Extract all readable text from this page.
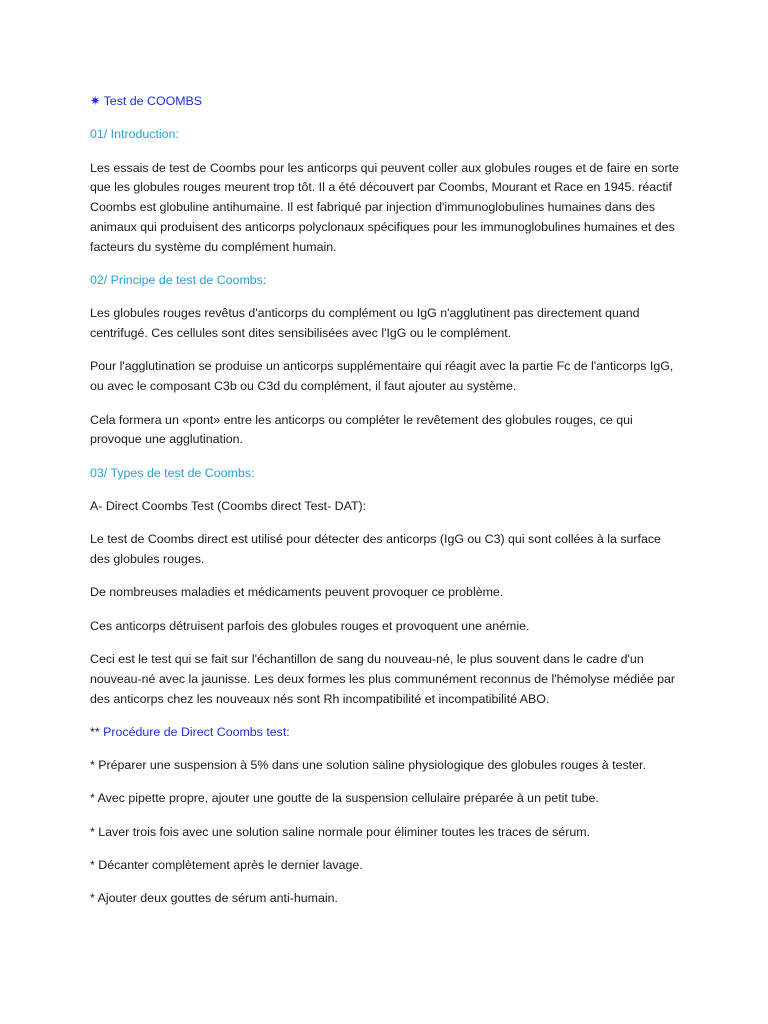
✷ Test de COOMBS

01/ Introduction:

Les essais de test de Coombs pour les anticorps qui peuvent coller aux globules rouges et de faire en sorte que les globules rouges meurent trop tôt. Il a été découvert par Coombs, Mourant et Race en 1945. réactif Coombs est globuline antihumaine. Il est fabriqué par injection d'immunoglobulines humaines dans des animaux qui produisent des anticorps polyclonaux spécifiques pour les immunoglobulines humaines et des facteurs du système du complément humain.

02/ Principe de test de Coombs:

Les globules rouges revêtus d'anticorps du complément ou IgG n'agglutinent pas directement quand centrifugé. Ces cellules sont dites sensibilisées avec l'IgG ou le complément.

Pour l'agglutination se produise un anticorps supplémentaire qui réagit avec la partie Fc de l'anticorps IgG, ou avec le composant C3b ou C3d du complément, il faut ajouter au système.

Cela formera un «pont» entre les anticorps ou compléter le revêtement des globules rouges, ce qui provoque une agglutination.

03/ Types de test de Coombs:

A- Direct Coombs Test (Coombs direct Test- DAT):

Le test de Coombs direct est utilisé pour détecter des anticorps (IgG ou C3) qui sont collées à la surface des globules rouges.

De nombreuses maladies et médicaments peuvent provoquer ce problème.

Ces anticorps détruisent parfois des globules rouges et provoquent une anémie.

Ceci est le test qui se fait sur l'échantillon de sang du nouveau-né, le plus souvent dans le cadre d'un nouveau-né avec la jaunisse. Les deux formes les plus communément reconnus de l'hémolyse médiée par des anticorps chez les nouveaux nés sont Rh incompatibilité et incompatibilité ABO.

** Procédure de Direct Coombs test:

* Préparer une suspension à 5% dans une solution saline physiologique des globules rouges à tester.

* Avec pipette propre, ajouter une goutte de la suspension cellulaire préparée à un petit tube.

* Laver trois fois avec une solution saline normale pour éliminer toutes les traces de sérum.

* Décanter complètement après le dernier lavage.

* Ajouter deux gouttes de sérum anti-humain.
